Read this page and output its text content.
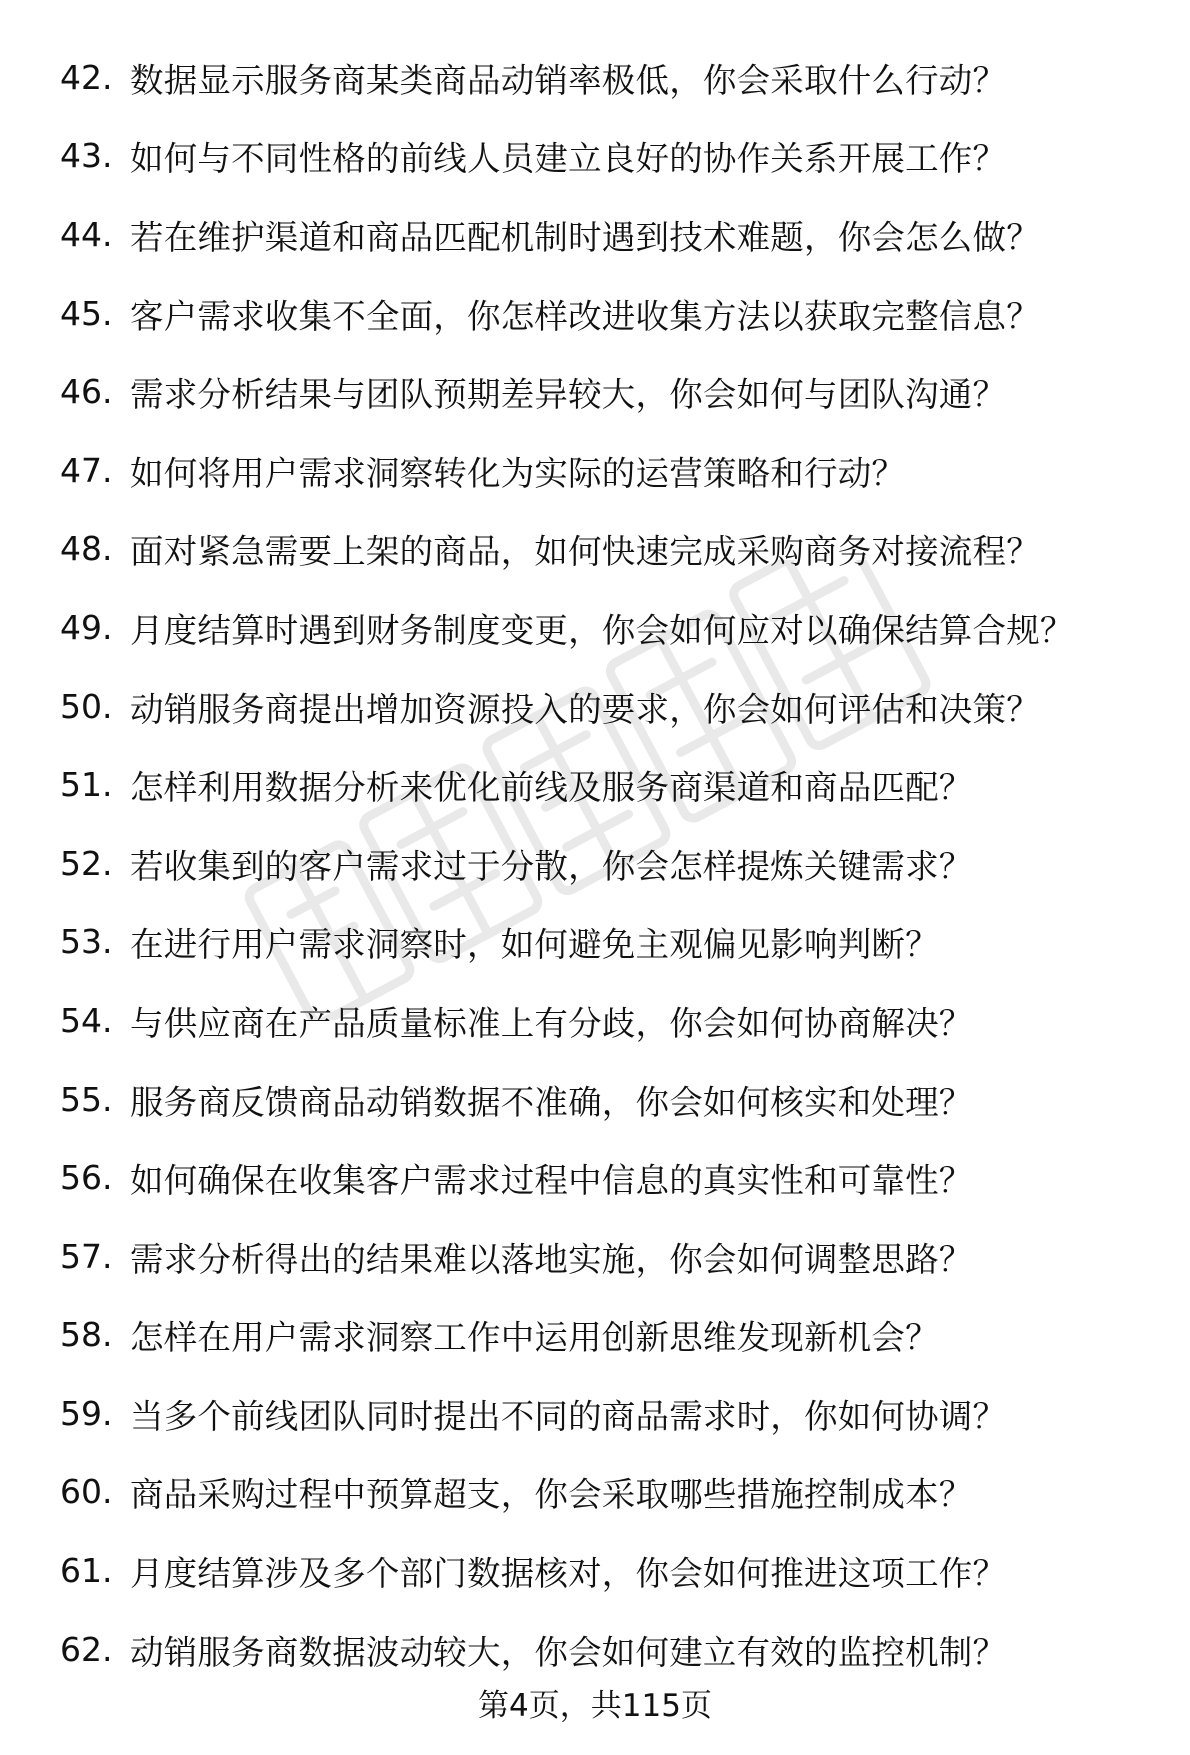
42. 数据显示服务商某类商品动销率极低，你会采取什么行动？
43. 如何与不同性格的前线人员建立良好的协作关系开展工作？
44. 若在维护渠道和商品匹配机制时遇到技术难题，你会怎么做？
45. 客户需求收集不全面，你怎样改进收集方法以获取完整信息？
46. 需求分析结果与团队预期差异较大，你会如何与团队沟通？
47. 如何将用户需求洞察转化为实际的运营策略和行动？
48. 面对紧急需要上架的商品，如何快速完成采购商务对接流程？
49. 月度结算时遇到财务制度变更，你会如何应对以确保结算合规？
50. 动销服务商提出增加资源投入的要求，你会如何评估和决策？
51. 怎样利用数据分析来优化前线及服务商渠道和商品匹配？
52. 若收集到的客户需求过于分散，你会怎样提炼关键需求？
53. 在进行用户需求洞察时，如何避免主观偏见影响判断？
54. 与供应商在产品质量标准上有分歧，你会如何协商解决？
55. 服务商反馈商品动销数据不准确，你会如何核实和处理？
56. 如何确保在收集客户需求过程中信息的真实性和可靠性？
57. 需求分析得出的结果难以落地实施，你会如何调整思路？
58. 怎样在用户需求洞察工作中运用创新思维发现新机会？
59. 当多个前线团队同时提出不同的商品需求时，你如何协调？
60. 商品采购过程中预算超支，你会采取哪些措施控制成本？
61. 月度结算涉及多个部门数据核对，你会如何推进这项工作？
62. 动销服务商数据波动较大，你会如何建立有效的监控机制？
第4页，共115页
